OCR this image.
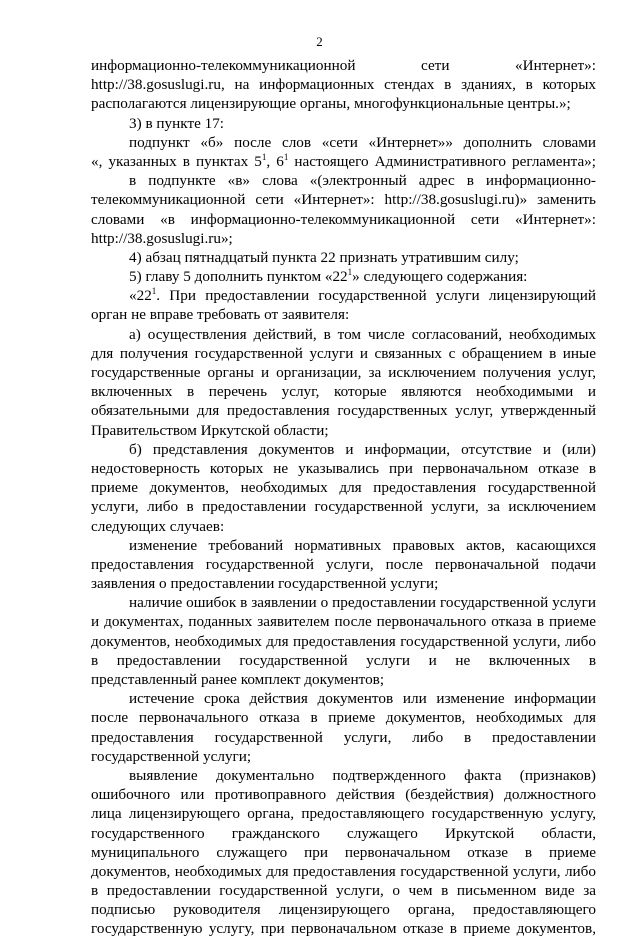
2
информационно-телекоммуникационной сети «Интернет»:
http://38.gosuslugi.ru, на информационных стендах в зданиях, в которых
располагаются лицензирующие органы, многофункциональные центры.»;
3) в пункте 17:
подпункт «б» после слов «сети «Интернет»» дополнить словами
«, указанных в пунктах $5^1$, $6^1$ настоящего Административного регламента»;
в подпункте «в» слова «(электронный адрес в информационно-
телекоммуникационной сети «Интернет»: http://38.gosuslugi.ru)» заменить
словами «в информационно-телекоммуникационной сети «Интернет»:
http://38.gosuslugi.ru»;
4) абзац пятнадцатый пункта 22 признать утратившим силу;
5) главу 5 дополнить пунктом «$22^1$» следующего содержания:
«$22^1$. При предоставлении государственной услуги лицензирующий
орган не вправе требовать от заявителя:
а) осуществления действий, в том числе согласований, необходимых
для получения государственной услуги и связанных с обращением в иные
государственные органы и организации, за исключением получения услуг,
включенных в перечень услуг, которые являются необходимыми и
обязательными для предоставления государственных услуг, утвержденный
Правительством Иркутской области;
б) представления документов и информации, отсутствие и (или)
недостоверность которых не указывались при первоначальном отказе в
приеме документов, необходимых для предоставления государственной
услуги, либо в предоставлении государственной услуги, за исключением
следующих случаев:
изменение требований нормативных правовых актов, касающихся
предоставления государственной услуги, после первоначальной подачи
заявления о предоставлении государственной услуги;
наличие ошибок в заявлении о предоставлении государственной услуги
и документах, поданных заявителем после первоначального отказа в приеме
документов, необходимых для предоставления государственной услуги, либо
в предоставлении государственной услуги и не включенных в
представленный ранее комплект документов;
истечение срока действия документов или изменение информации
после первоначального отказа в приеме документов, необходимых для
предоставления государственной услуги, либо в предоставлении
государственной услуги;
выявление документально подтвержденного факта (признаков)
ошибочного или противоправного действия (бездействия) должностного
лица лицензирующего органа, предоставляющего государственную услугу,
государственного гражданского служащего Иркутской области,
муниципального служащего при первоначальном отказе в приеме
документов, необходимых для предоставления государственной услуги, либо
в предоставлении государственной услуги, о чем в письменном виде за
подписью руководителя лицензирующего органа, предоставляющего
государственную услугу, при первоначальном отказе в приеме документов,
